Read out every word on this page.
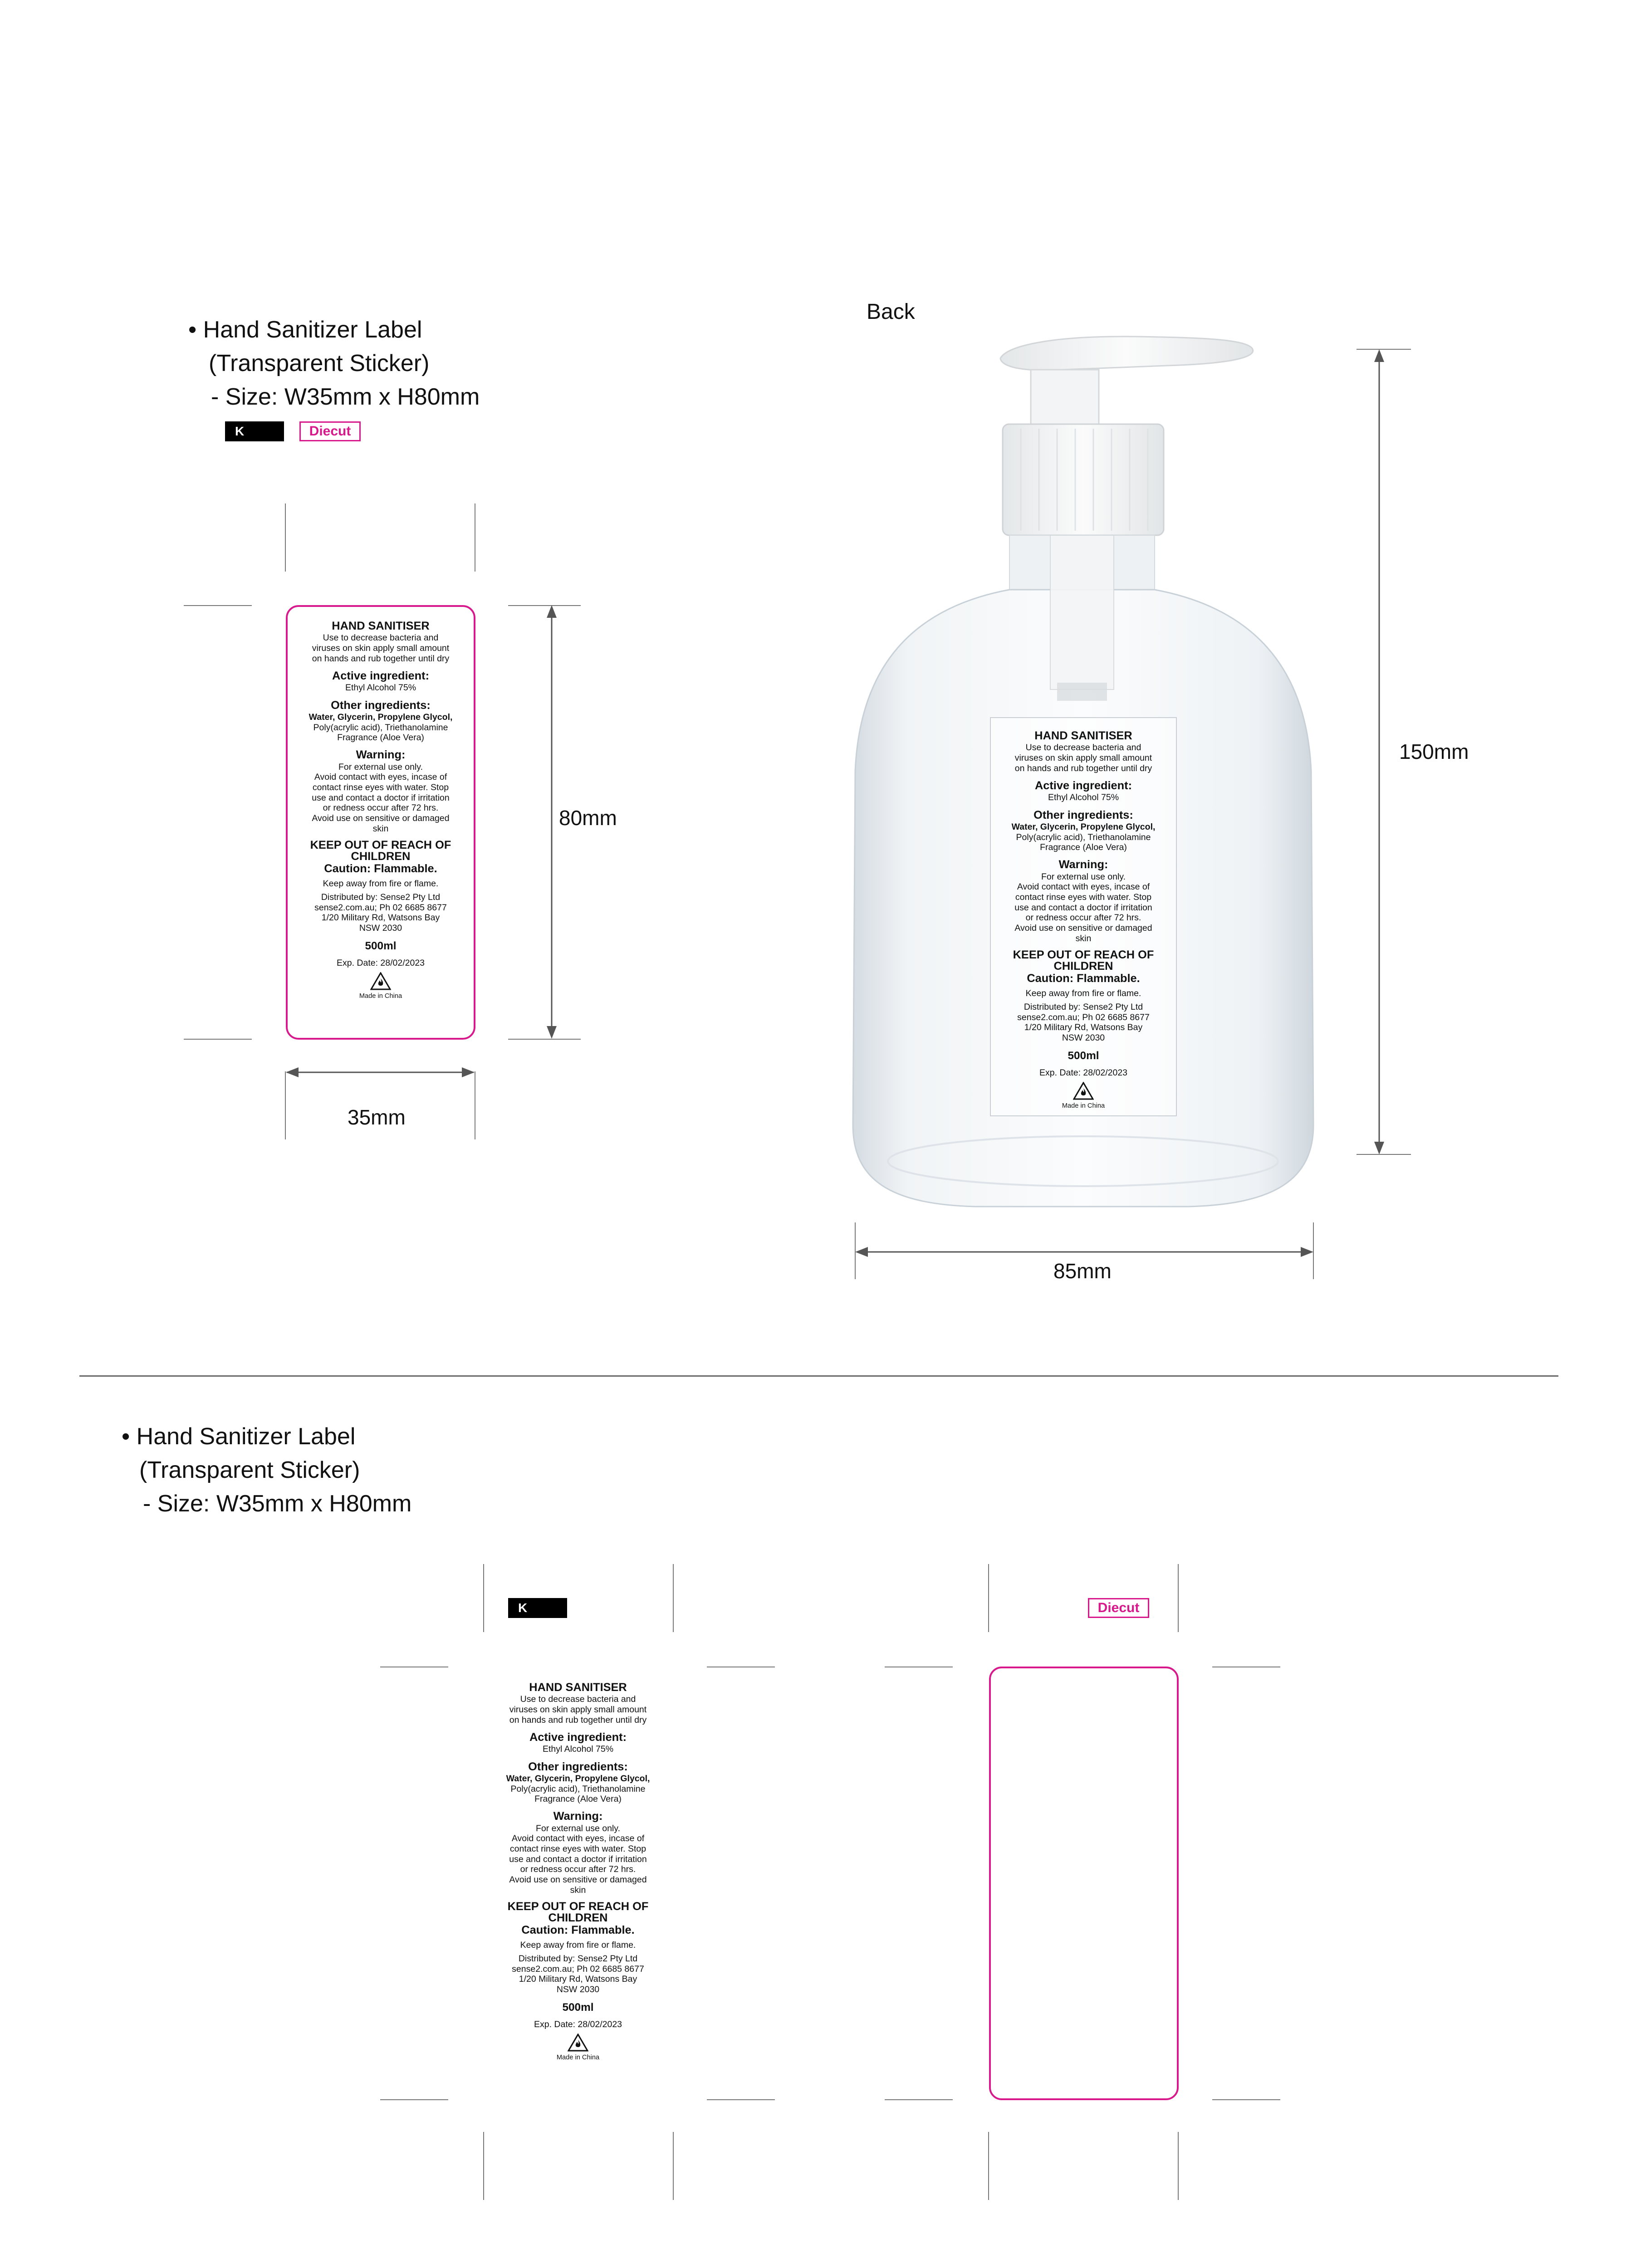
• Hand Sanitizer Label
(Transparent Sticker)
- Size: W35mm x H80mm
K	Diecut

HAND SANITISER

Use to decrease bacteria and

viruses on skin apply small amount

on hands and rub together until dry

Active ingredient:

Ethyl Alcohol 75%

Other ingredients:

Water, Glycerin, Propylene Glycol,

Poly(acrylic acid), Triethanolamine

Fragrance (Aloe Vera)

Warning:

For external use only.

Avoid contact with eyes, incase of

contact rinse eyes with water. Stop

use and contact a doctor if irritation

or redness occur after 72 hrs.

Avoid use on sensitive or damaged

skin

KEEP OUT OF REACH OF

CHILDREN

Caution: Flammable.

Keep away from fire or flame.

Distributed by: Sense2 Pty Ltd

sense2.com.au; Ph 02 6685 8677

1/20 Military Rd, Watsons Bay

NSW 2030

500ml

Exp. Date: 28/02/2023

Made in China

80mm
35mm
Back

HAND SANITISER

Use to decrease bacteria and

viruses on skin apply small amount

on hands and rub together until dry

Active ingredient:

Ethyl Alcohol 75%

Other ingredients:

Water, Glycerin, Propylene Glycol,

Poly(acrylic acid), Triethanolamine

Fragrance (Aloe Vera)

Warning:

For external use only.

Avoid contact with eyes, incase of

contact rinse eyes with water. Stop

use and contact a doctor if irritation

or redness occur after 72 hrs.

Avoid use on sensitive or damaged

skin

KEEP OUT OF REACH OF

CHILDREN

Caution: Flammable.

Keep away from fire or flame.

Distributed by: Sense2 Pty Ltd

sense2.com.au; Ph 02 6685 8677

1/20 Military Rd, Watsons Bay

NSW 2030

500ml

Exp. Date: 28/02/2023

Made in China

150mm
85mm
• Hand Sanitizer Label
(Transparent Sticker)
- Size: W35mm x H80mm
K

HAND SANITISER

Use to decrease bacteria and

viruses on skin apply small amount

on hands and rub together until dry

Active ingredient:

Ethyl Alcohol 75%

Other ingredients:

Water, Glycerin, Propylene Glycol,

Poly(acrylic acid), Triethanolamine

Fragrance (Aloe Vera)

Warning:

For external use only.

Avoid contact with eyes, incase of

contact rinse eyes with water. Stop

use and contact a doctor if irritation

or redness occur after 72 hrs.

Avoid use on sensitive or damaged

skin

KEEP OUT OF REACH OF

CHILDREN

Caution: Flammable.

Keep away from fire or flame.

Distributed by: Sense2 Pty Ltd

sense2.com.au; Ph 02 6685 8677

1/20 Military Rd, Watsons Bay

NSW 2030

500ml

Exp. Date: 28/02/2023

Made in China

Diecut
